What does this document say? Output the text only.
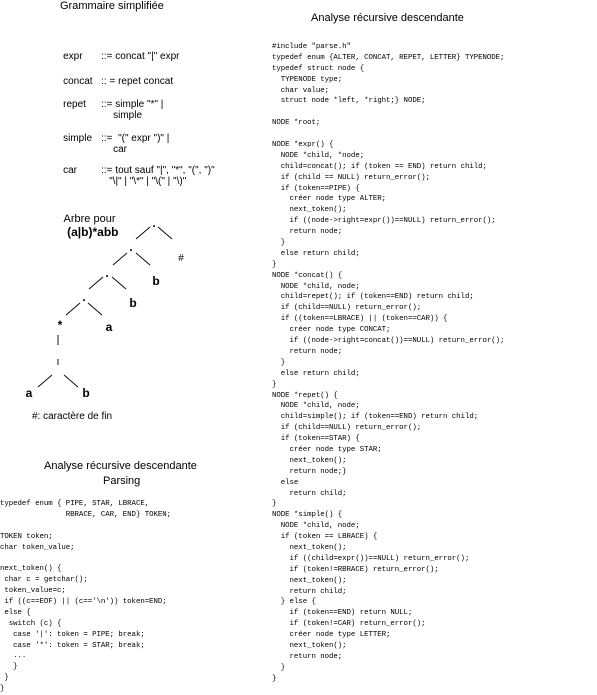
Grammaire simplifiée

expr ::= concat "|" expr

concat :: = repet concat

repet ::= simple "*" |

simple

simple ::=  "(" expr ")" |

car

car ::= tout sauf "|", "*", "(", ")"

"\|" | "\*" | "\(" | "\)"

Arbre pour
(a|b)*abb

.
.
#
.
b
.	b
*	a
a	b
#: caractère de fin
Analyse récursive descendante
Parsing
typedef enum { PIPE, STAR, LBRACE,
RBRACE, CAR, END} TOKEN;
TOKEN token;
char token_value;
next_token() {
char c = getchar();
token_value=c;
if ((c==EOF) || (c=='\n')) token=END;
else {
switch (c) {
case '|': token = PIPE; break;
case '*': token = STAR; break;
...
}
}
}
Analyse récursive descendante
#include "parse.h"
typedef enum {ALTER, CONCAT, REPET, LETTER} TYPENODE;
typedef struct node {
TYPENODE type;
char value;
struct node *left, *right;} NODE;
NODE *root;
NODE *expr() {
NODE *child, *node;
child=concat(); if (token == END) return child;
if (child == NULL) return_error();
if (token==PIPE) {
créer node type ALTER;
next_token();
if ((node->right=expr())==NULL) return_error();
return node;
}
else return child;
}
NODE *concat() {
NODE *child, node;
child=repet(); if (token==END) return child;
if (child==NULL) return_error();
if ((token==LBRACE) || (token==CAR)) {
créer node type CONCAT;
if ((node->right=concat())==NULL) return_error();
return node;
}
else return child;
}
NODE *repet() {
NODE *child, node;
child=simple(); if (token==END) return child;
if (child==NULL) return_error();
if (token==STAR) {
créer node type STAR;
next_token();
return node;}
else
return child;
}
NODE *simple() {
NODE *child, node;
if (token == LBRACE) {
next_token();
if ((child=expr())==NULL) return_error();
if (token!=RBRACE) return_error();
next_token();
return child;
} else {
if (token==END) return NULL;
if (token!=CAR) return_error();
créer node type LETTER;
next_token();
return node;
}
}
